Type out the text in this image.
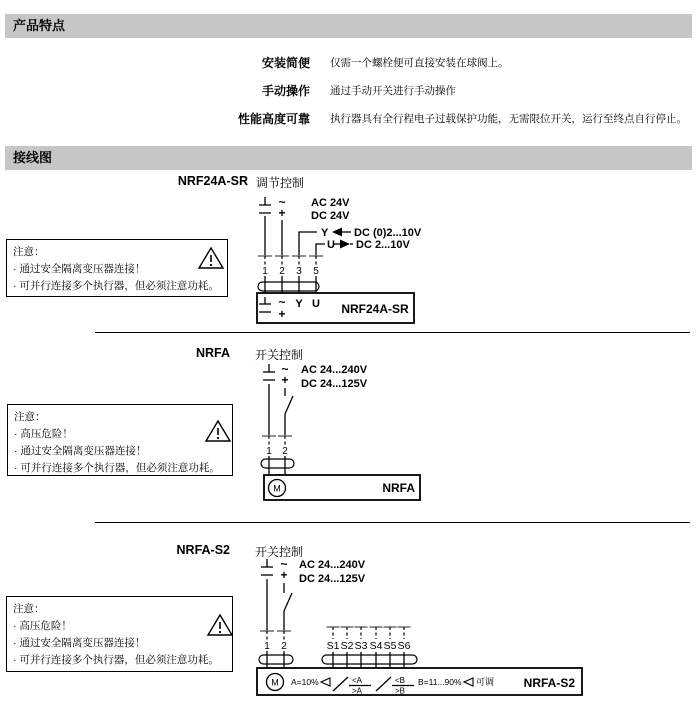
产品特点
安装简便 仅需一个螺栓便可直接安装在球阀上。
手动操作 通过手动开关进行手动操作
性能高度可靠 执行器具有全行程电子过载保护功能，无需限位开关，运行至终点自行停止。
接线图
NRF24A-SR 调节控制
~
+
AC 24V
DC 24V
Y DC (0)2...10V
U DC 2...10V
1 2 3 5
~
+
Y U NRF24A-SR
注意：
· 通过安全隔离变压器连接！
· 可并行连接多个执行器，但必须注意功耗。
NRFA 开关控制
~
+
AC 24...240V
DC 24...125V
1 2
M	NRFA
注意：
· 高压危险！
· 通过安全隔离变压器连接！
· 可并行连接多个执行器，但必须注意功耗。
NRFA-S2 开关控制
~
+
AC 24...240V
DC 24...125V
1 2	S1 S2 S3 S4 S5 S6
M A=10%	<A
>A
<B
>B
B=11...90% 可调 NRFA-S2
注意：
· 高压危险！
· 通过安全隔离变压器连接！
· 可并行连接多个执行器，但必须注意功耗。
